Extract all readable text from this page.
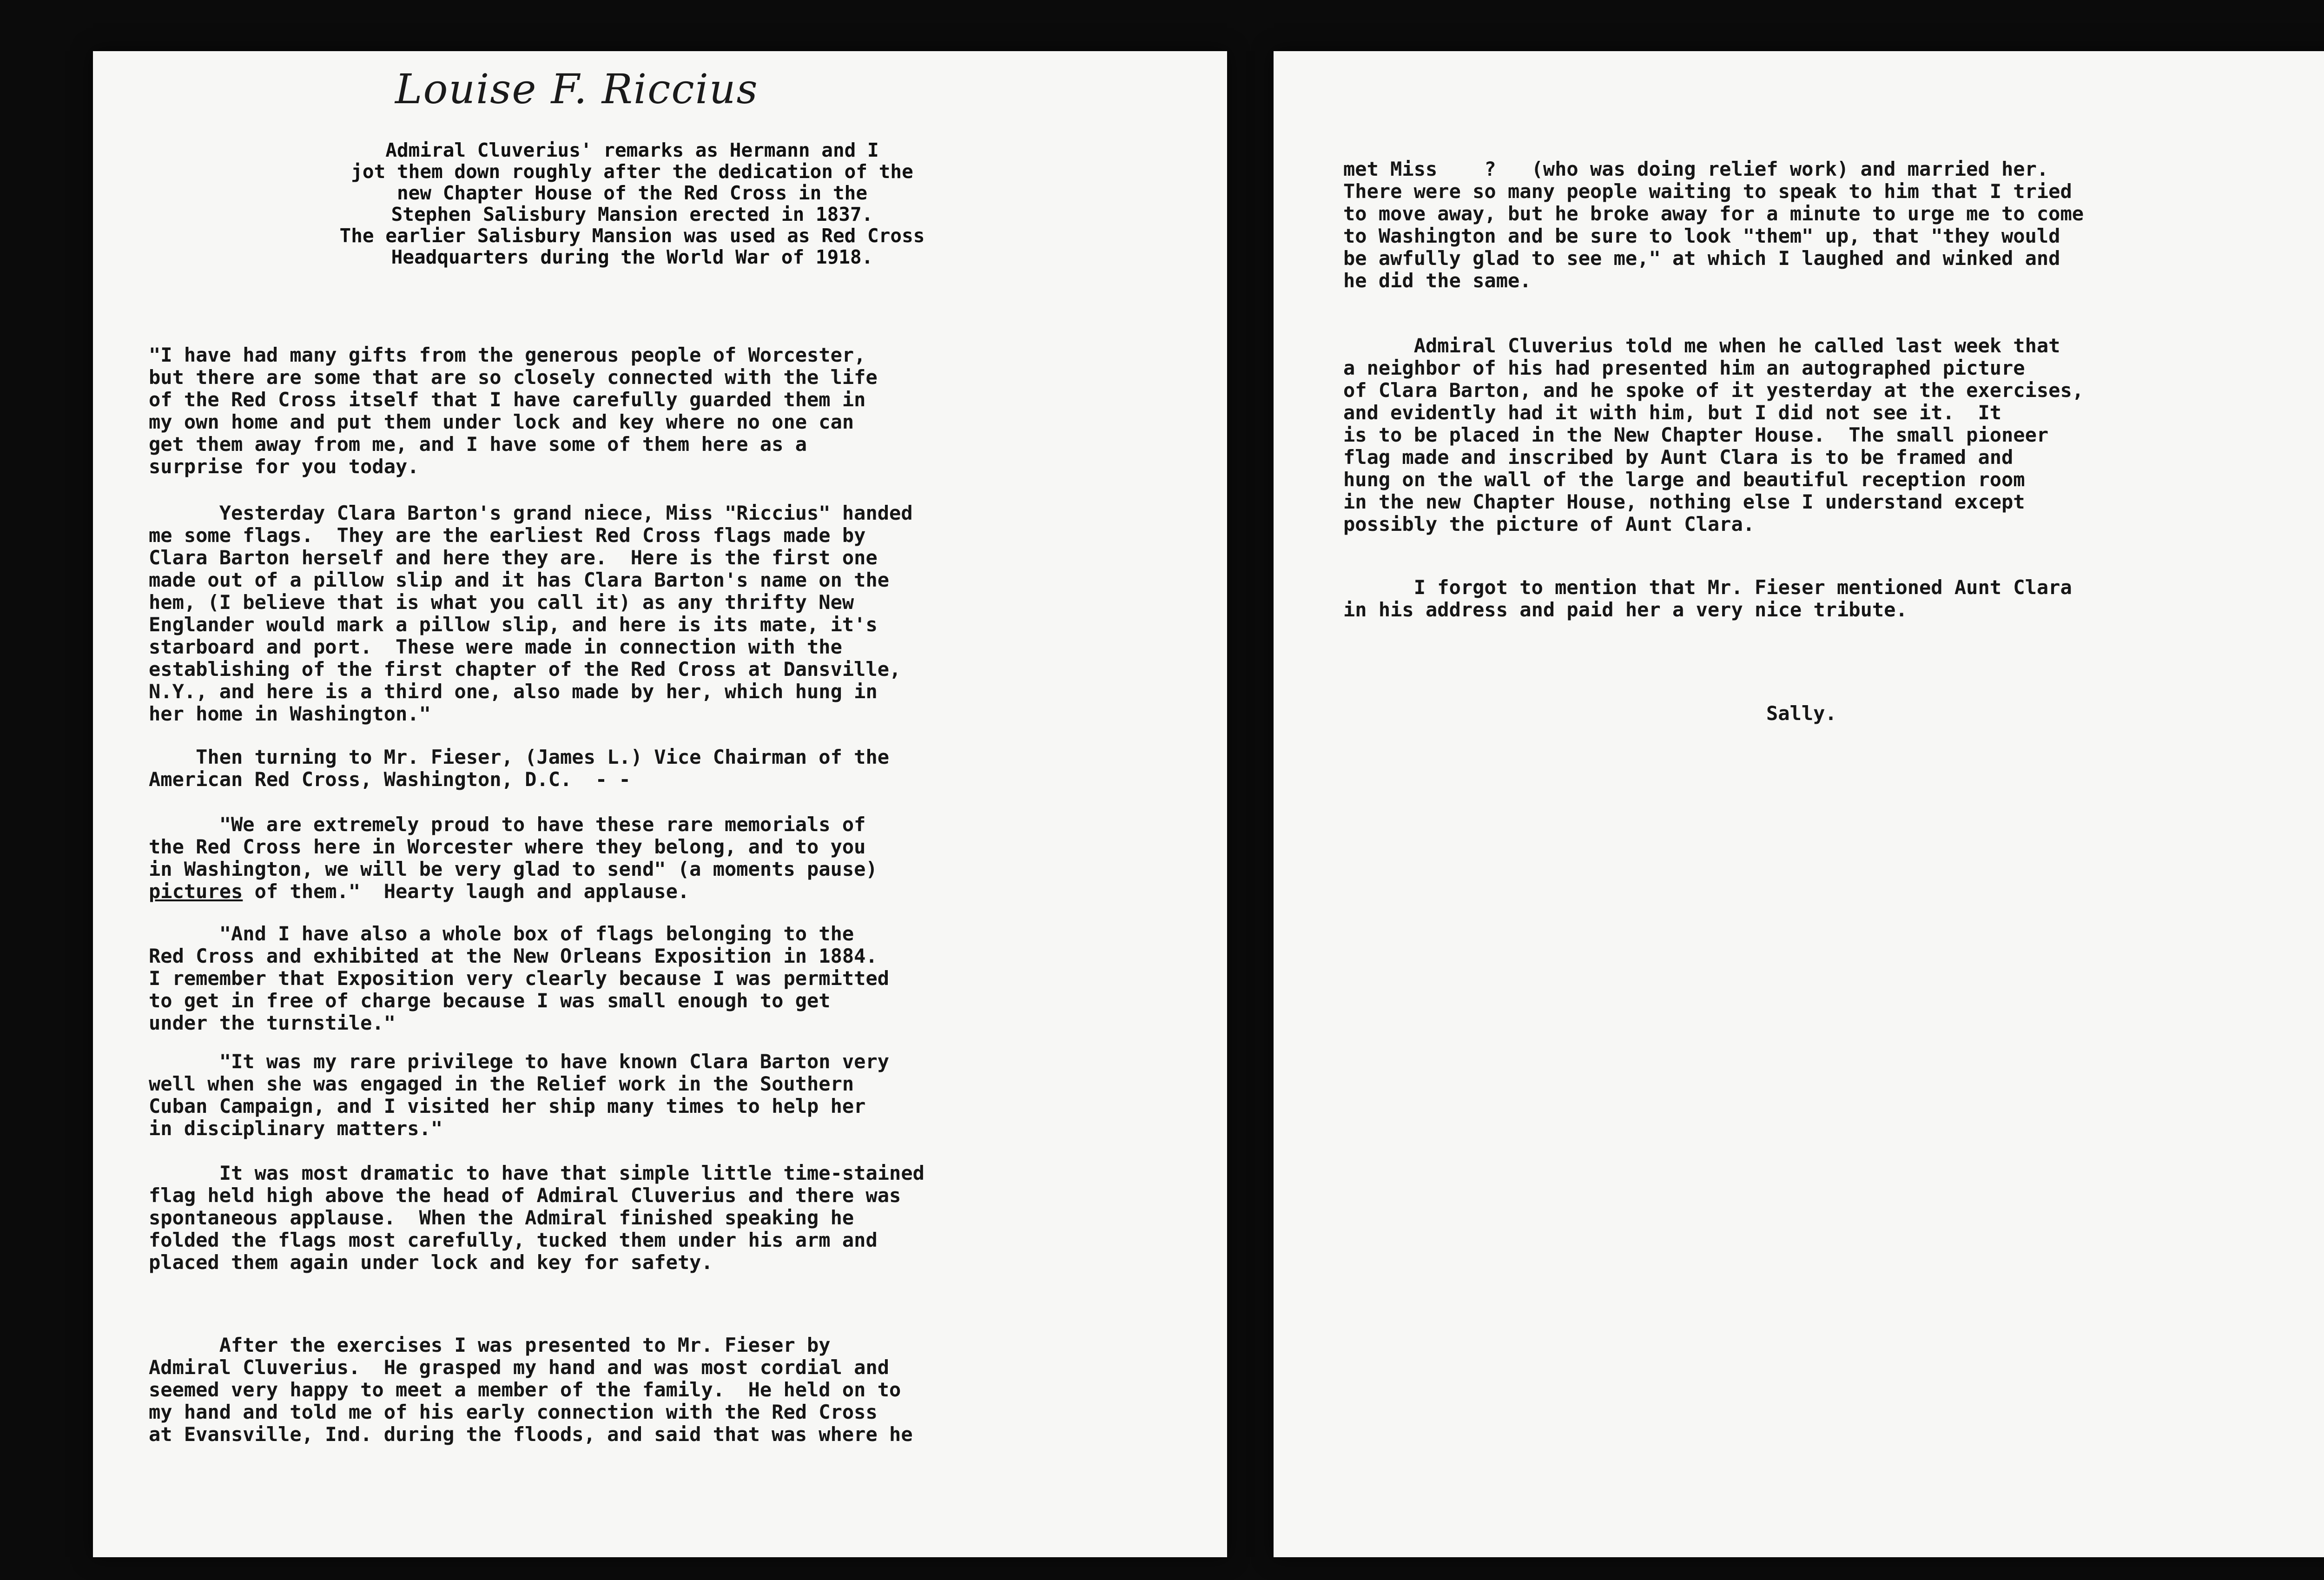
Louise F. Riccius
Admiral Cluverius' remarks as Hermann and I
jot them down roughly after the dedication of the
new Chapter House of the Red Cross in the
Stephen Salisbury Mansion erected in 1837.
The earlier Salisbury Mansion was used as Red Cross
Headquarters during the World War of 1918.
"I have had many gifts from the generous people of Worcester,
but there are some that are so closely connected with the life
of the Red Cross itself that I have carefully guarded them in
my own home and put them under lock and key where no one can
get them away from me, and I have some of them here as a
surprise for you today.
Yesterday Clara Barton's grand niece, Miss "Riccius" handed
me some flags.  They are the earliest Red Cross flags made by
Clara Barton herself and here they are.  Here is the first one
made out of a pillow slip and it has Clara Barton's name on the
hem, (I believe that is what you call it) as any thrifty New
Englander would mark a pillow slip, and here is its mate, it's
starboard and port.  These were made in connection with the
establishing of the first chapter of the Red Cross at Dansville,
N.Y., and here is a third one, also made by her, which hung in
her home in Washington."
Then turning to Mr. Fieser, (James L.) Vice Chairman of the
American Red Cross, Washington, D.C.  - -
"We are extremely proud to have these rare memorials of
the Red Cross here in Worcester where they belong, and to you
in Washington, we will be very glad to send" (a moments pause)
pictures of them."  Hearty laugh and applause.
"And I have also a whole box of flags belonging to the
Red Cross and exhibited at the New Orleans Exposition in 1884.
I remember that Exposition very clearly because I was permitted
to get in free of charge because I was small enough to get
under the turnstile."
"It was my rare privilege to have known Clara Barton very
well when she was engaged in the Relief work in the Southern
Cuban Campaign, and I visited her ship many times to help her
in disciplinary matters."
It was most dramatic to have that simple little time-stained
flag held high above the head of Admiral Cluverius and there was
spontaneous applause.  When the Admiral finished speaking he
folded the flags most carefully, tucked them under his arm and
placed them again under lock and key for safety.
After the exercises I was presented to Mr. Fieser by
Admiral Cluverius.  He grasped my hand and was most cordial and
seemed very happy to meet a member of the family.  He held on to
my hand and told me of his early connection with the Red Cross
at Evansville, Ind. during the floods, and said that was where he
met Miss    ?   (who was doing relief work) and married her.
There were so many people waiting to speak to him that I tried
to move away, but he broke away for a minute to urge me to come
to Washington and be sure to look "them" up, that "they would
be awfully glad to see me," at which I laughed and winked and
he did the same.
Admiral Cluverius told me when he called last week that
a neighbor of his had presented him an autographed picture
of Clara Barton, and he spoke of it yesterday at the exercises,
and evidently had it with him, but I did not see it.  It
is to be placed in the New Chapter House.  The small pioneer
flag made and inscribed by Aunt Clara is to be framed and
hung on the wall of the large and beautiful reception room
in the new Chapter House, nothing else I understand except
possibly the picture of Aunt Clara.
I forgot to mention that Mr. Fieser mentioned Aunt Clara
in his address and paid her a very nice tribute.
Sally.
